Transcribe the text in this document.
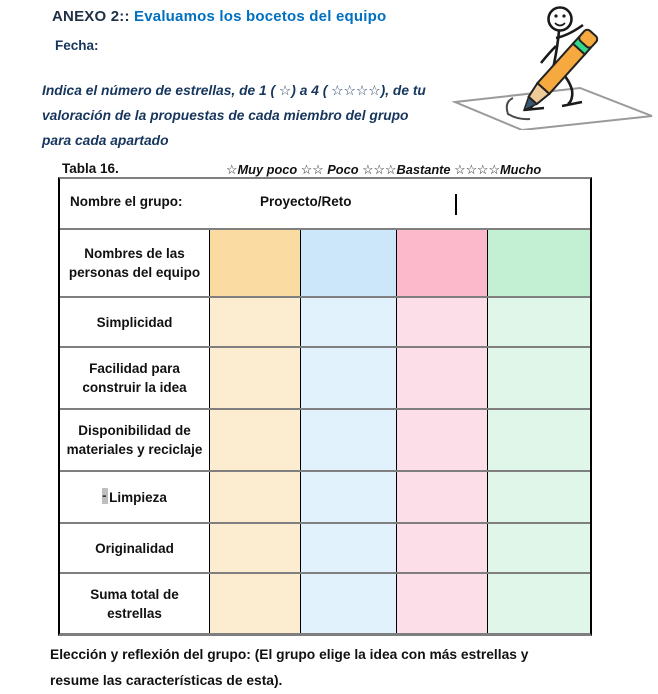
ANEXO 2:: Evaluamos los bocetos del equipo
Fecha:
Indica el número de estrellas, de 1 ( ☆) a 4 ( ☆☆☆☆), de tu
valoración de la propuestas de cada miembro del grupo
para cada apartado
Tabla 16.	☆Muy poco ☆☆ Poco ☆☆☆Bastante ☆☆☆☆Mucho
Nombre el grupo:	Proyecto/Reto
Nombres de las personas del equipo
Simplicidad
Facilidad para construir la idea
Disponibilidad de materiales y reciclaje
- Limpieza
Originalidad
Suma total de estrellas
Elección y reflexión del grupo: (El grupo elige la idea con más estrellas y
resume las características de esta).
